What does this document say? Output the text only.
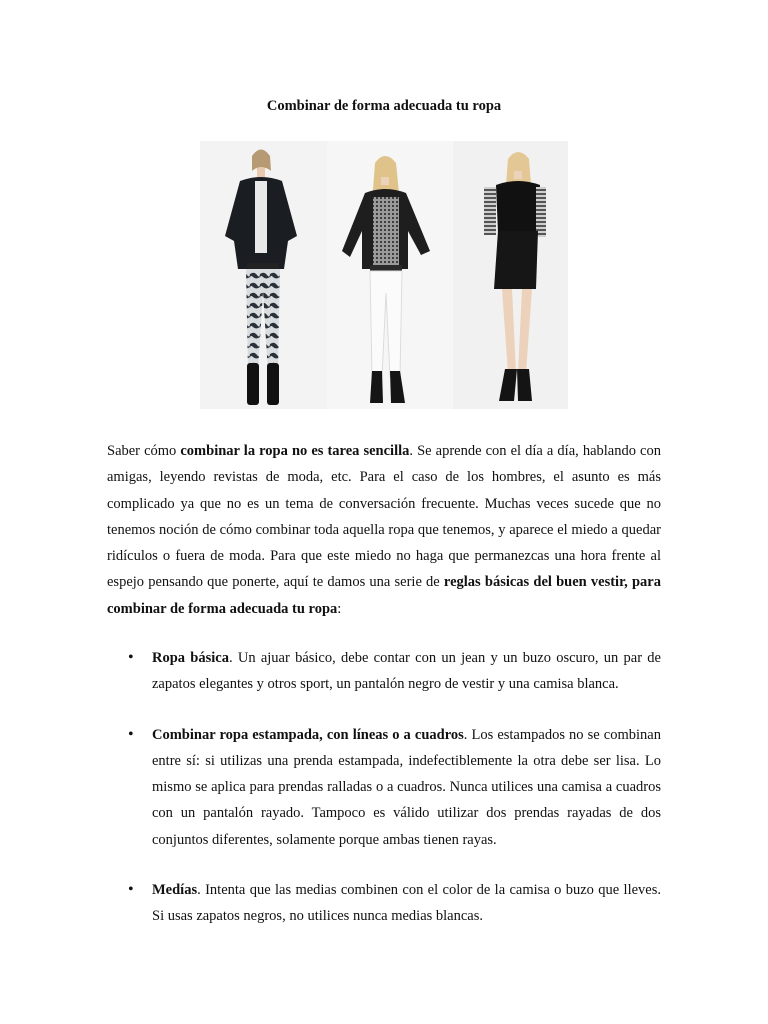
Combinar de forma adecuada tu ropa
Saber cómo combinar la ropa no es tarea sencilla. Se aprende con el día a día, hablando con amigas, leyendo revistas de moda, etc. Para el caso de los hombres, el asunto es más complicado ya que no es un tema de conversación frecuente. Muchas veces sucede que no tenemos noción de cómo combinar toda aquella ropa que tenemos, y aparece el miedo a quedar ridículos o fuera de moda. Para que este miedo no haga que permanezcas una hora frente al espejo pensando que ponerte, aquí te damos una serie de reglas básicas del buen vestir, para combinar de forma adecuada tu ropa:
• Ropa básica. Un ajuar básico, debe contar con un jean y un buzo oscuro, un par de zapatos elegantes y otros sport, un pantalón negro de vestir y una camisa blanca.
• Combinar ropa estampada, con líneas o a cuadros. Los estampados no se combinan entre sí: si utilizas una prenda estampada, indefectiblemente la otra debe ser lisa. Lo mismo se aplica para prendas ralladas o a cuadros. Nunca utilices una camisa a cuadros con un pantalón rayado. Tampoco es válido utilizar dos prendas rayadas de dos conjuntos diferentes, solamente porque ambas tienen rayas.
• Medías. Intenta que las medias combinen con el color de la camisa o buzo que lleves. Si usas zapatos negros, no utilices nunca medias blancas.
